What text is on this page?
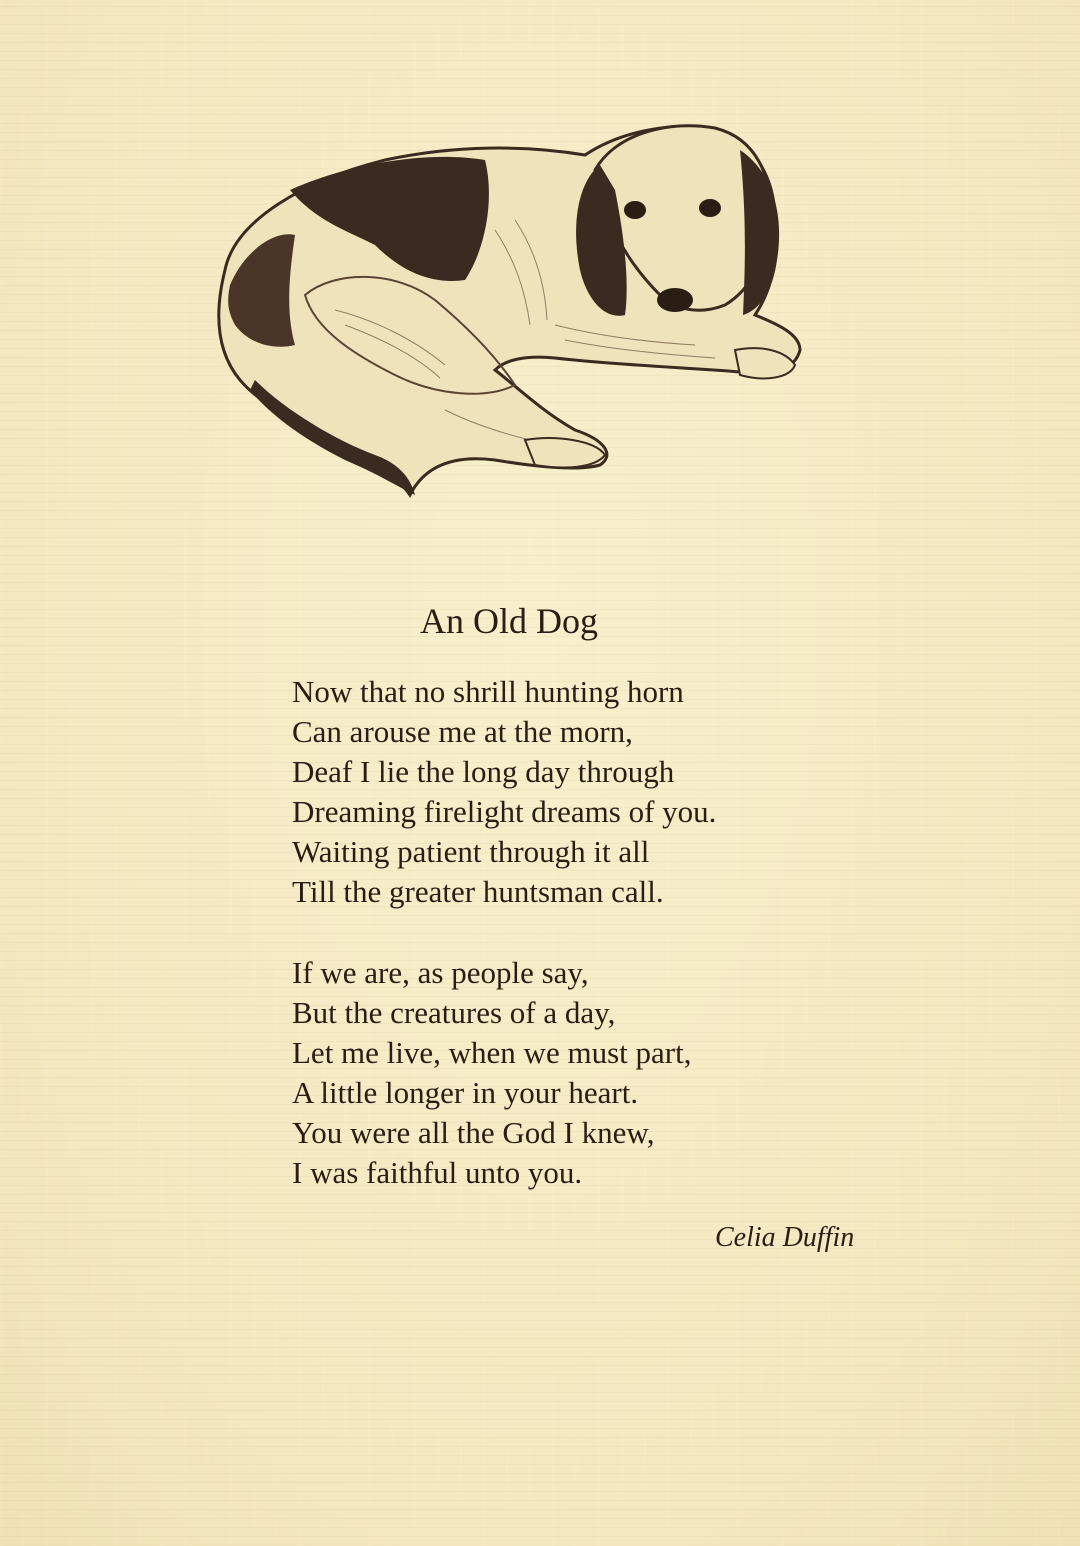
An Old Dog
Now that no shrill hunting horn
Can arouse me at the morn,
Deaf I lie the long day through
Dreaming firelight dreams of you.
Waiting patient through it all
Till the greater huntsman call.
If we are, as people say,
But the creatures of a day,
Let me live, when we must part,
A little longer in your heart.
You were all the God I knew,
I was faithful unto you.
Celia Duffin
